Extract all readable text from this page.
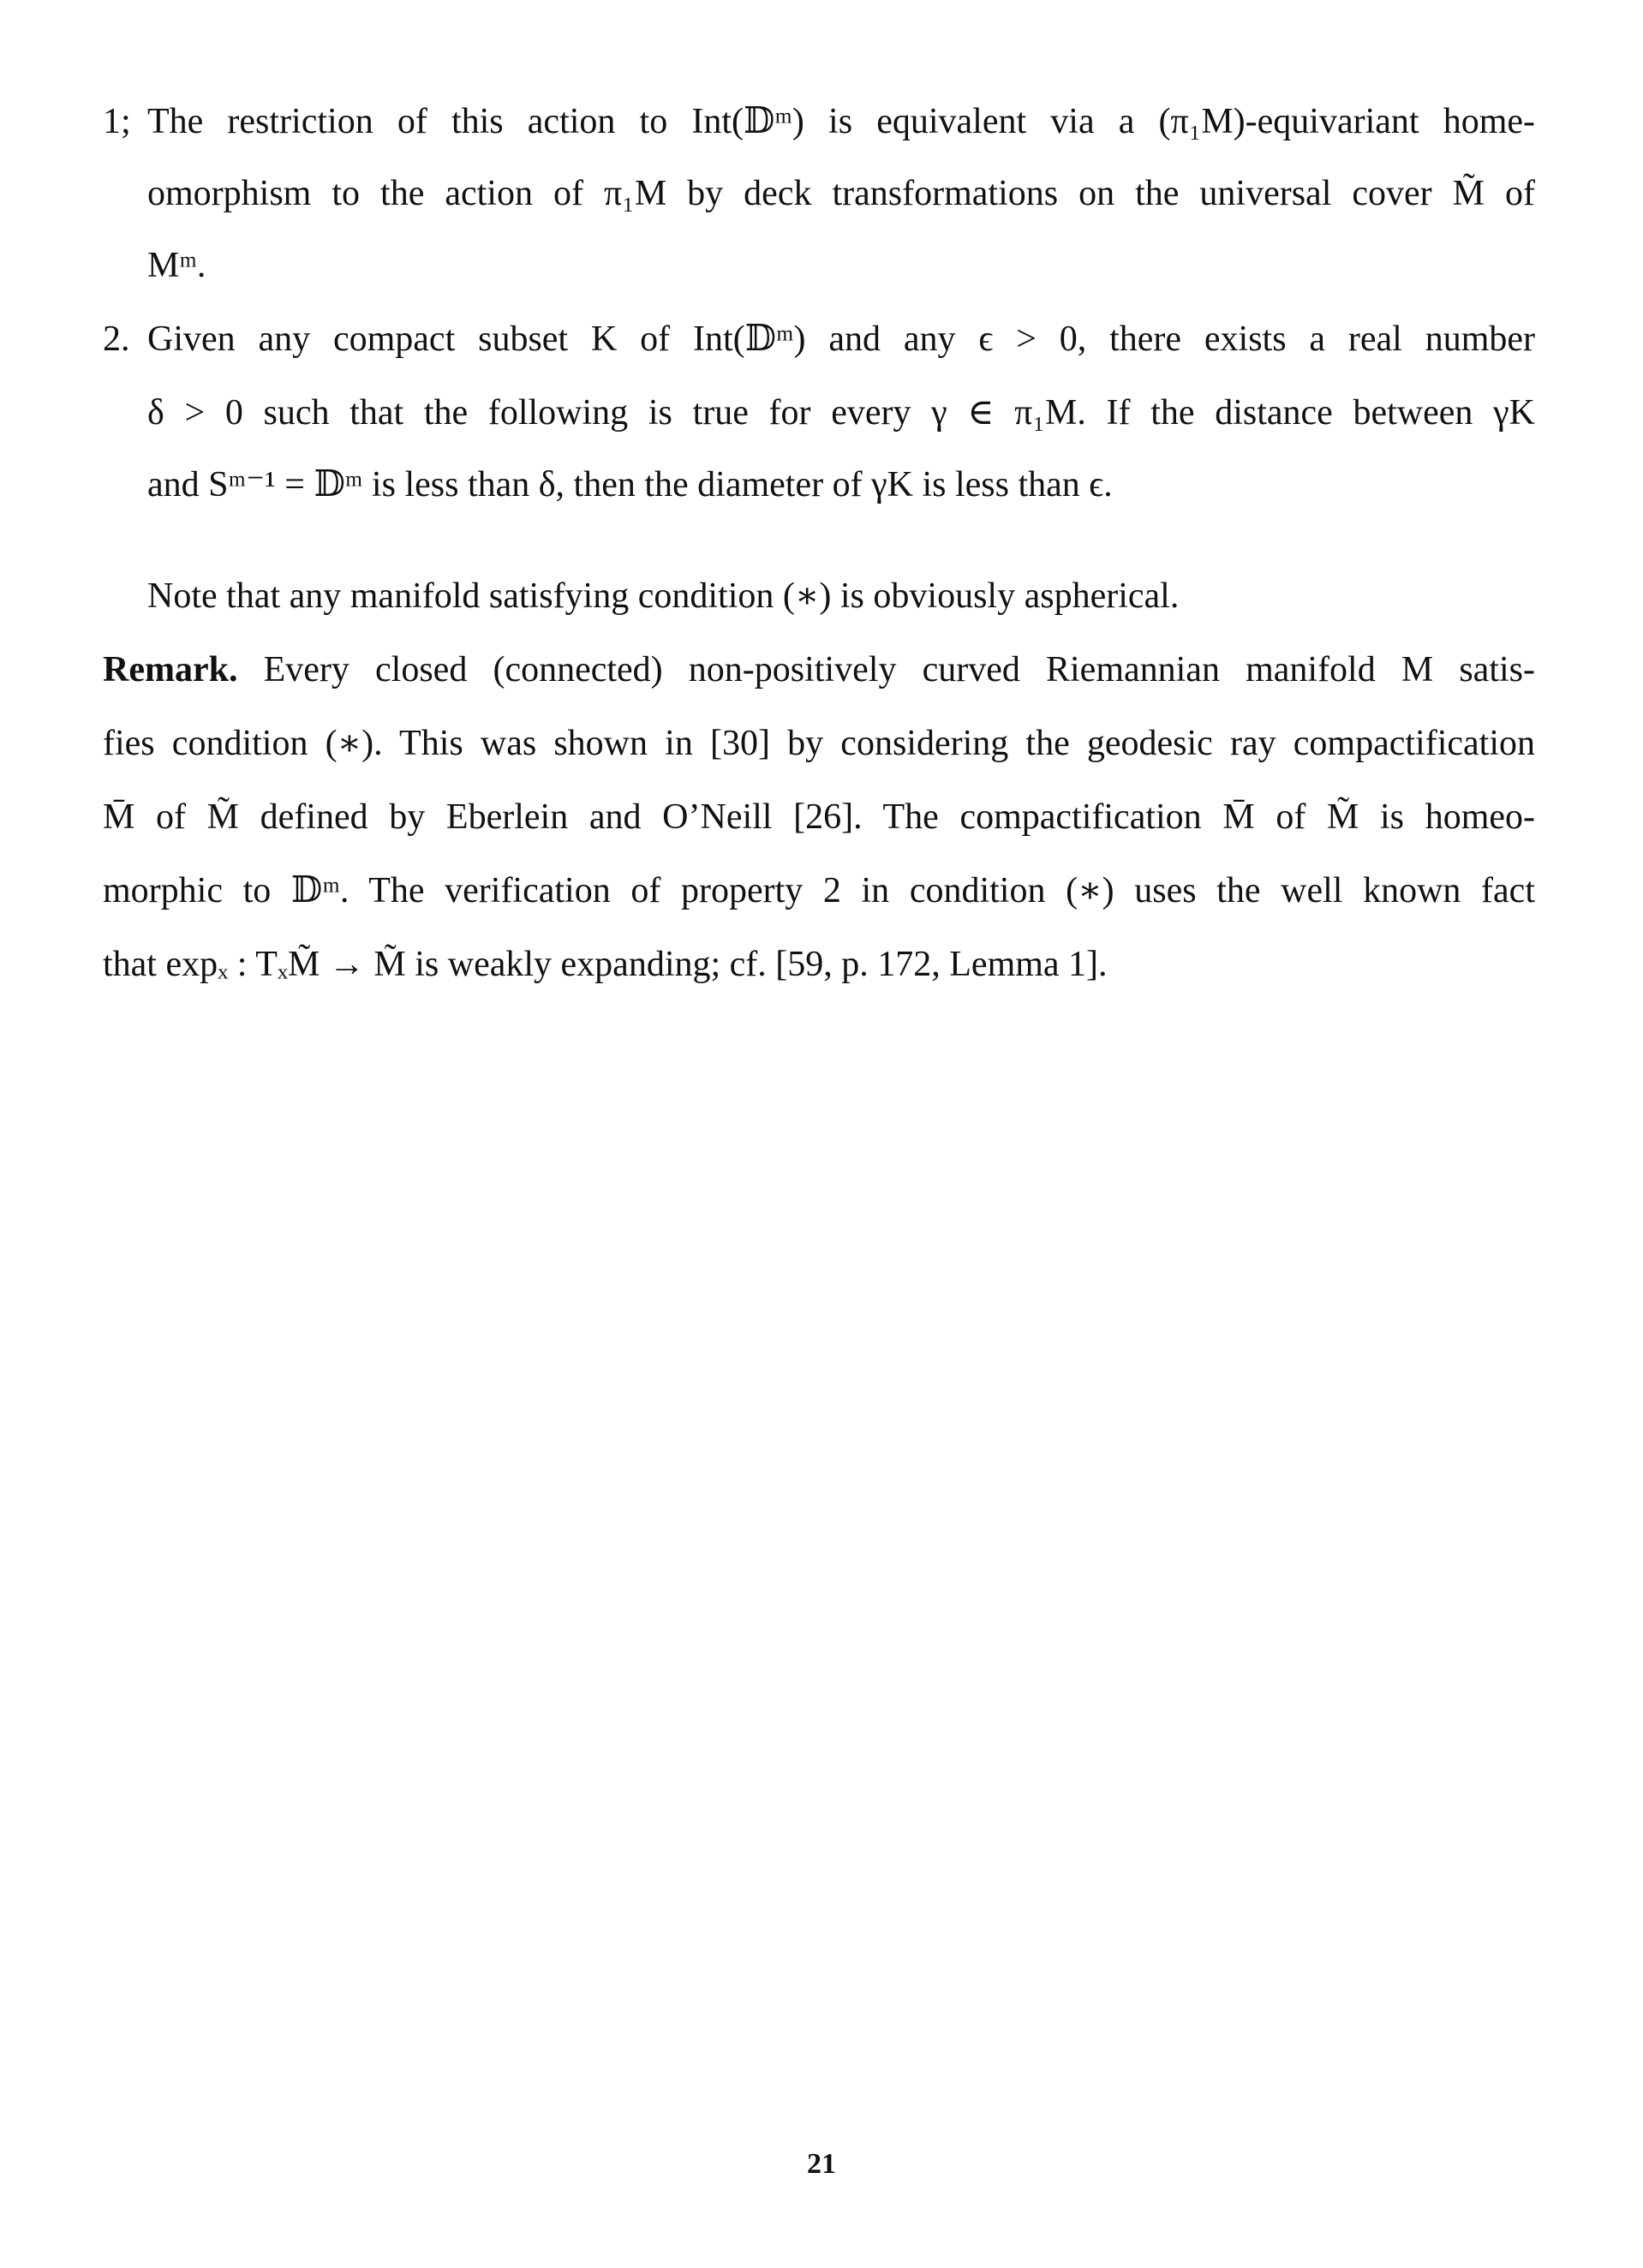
1; The restriction of this action to Int(𝔻ᵐ) is equivalent via a (π₁M)-equivariant home-
omorphism to the action of π₁M by deck transformations on the universal cover M̃ of
Mᵐ.
2. Given any compact subset K of Int(𝔻ᵐ) and any ϵ > 0, there exists a real number
δ > 0 such that the following is true for every γ ∈ π₁M. If the distance between γK
and Sᵐ⁻¹ = 𝔻ᵐ is less than δ, then the diameter of γK is less than ϵ.
Note that any manifold satisfying condition (∗) is obviously aspherical.
Remark. Every closed (connected) non-positively curved Riemannian manifold M satis-
fies condition (∗). This was shown in [30] by considering the geodesic ray compactification
M̄ of M̃ defined by Eberlein and O’Neill [26]. The compactification M̄ of M̃ is homeo-
morphic to 𝔻ᵐ. The verification of property 2 in condition (∗) uses the well known fact
that expₓ : TₓM̃ → M̃ is weakly expanding; cf. [59, p. 172, Lemma 1].
21
